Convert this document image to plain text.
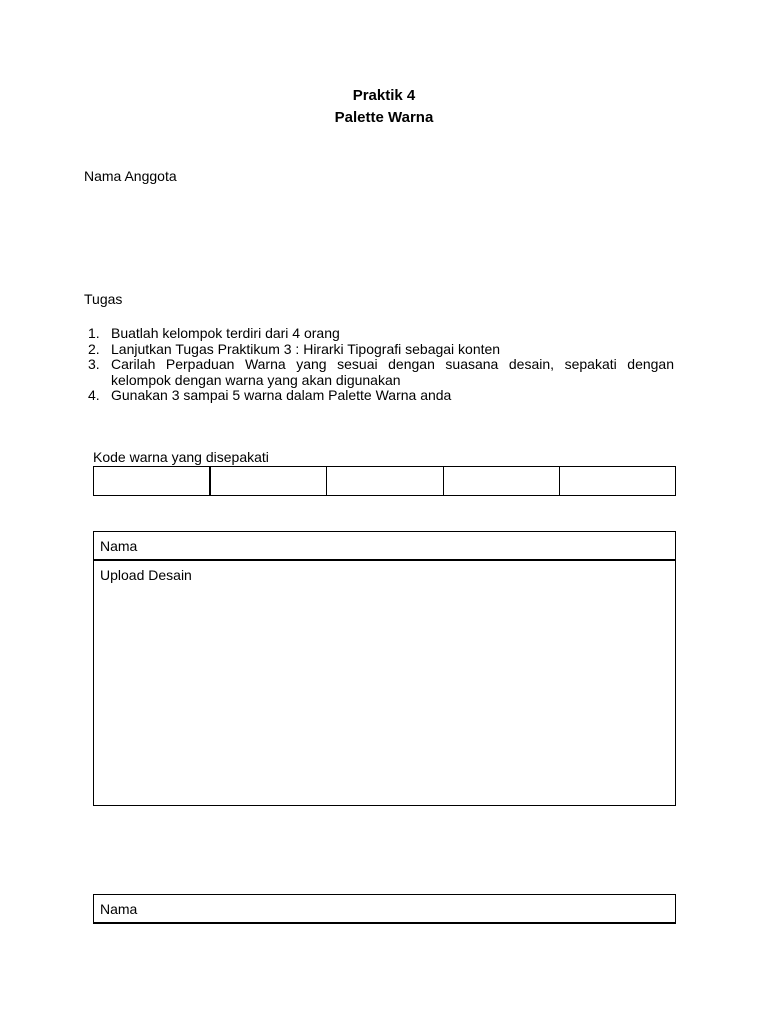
Praktik 4
Palette Warna
Nama Anggota
Tugas
1. Buatlah kelompok terdiri dari 4 orang
2. Lanjutkan Tugas Praktikum 3 : Hirarki Tipografi sebagai konten
3. Carilah Perpaduan Warna yang sesuai dengan suasana desain, sepakati dengan kelompok dengan warna yang akan digunakan
4. Gunakan 3 sampai 5 warna dalam Palette Warna anda
Kode warna yang disepakati
Nama
Upload Desain
Nama
